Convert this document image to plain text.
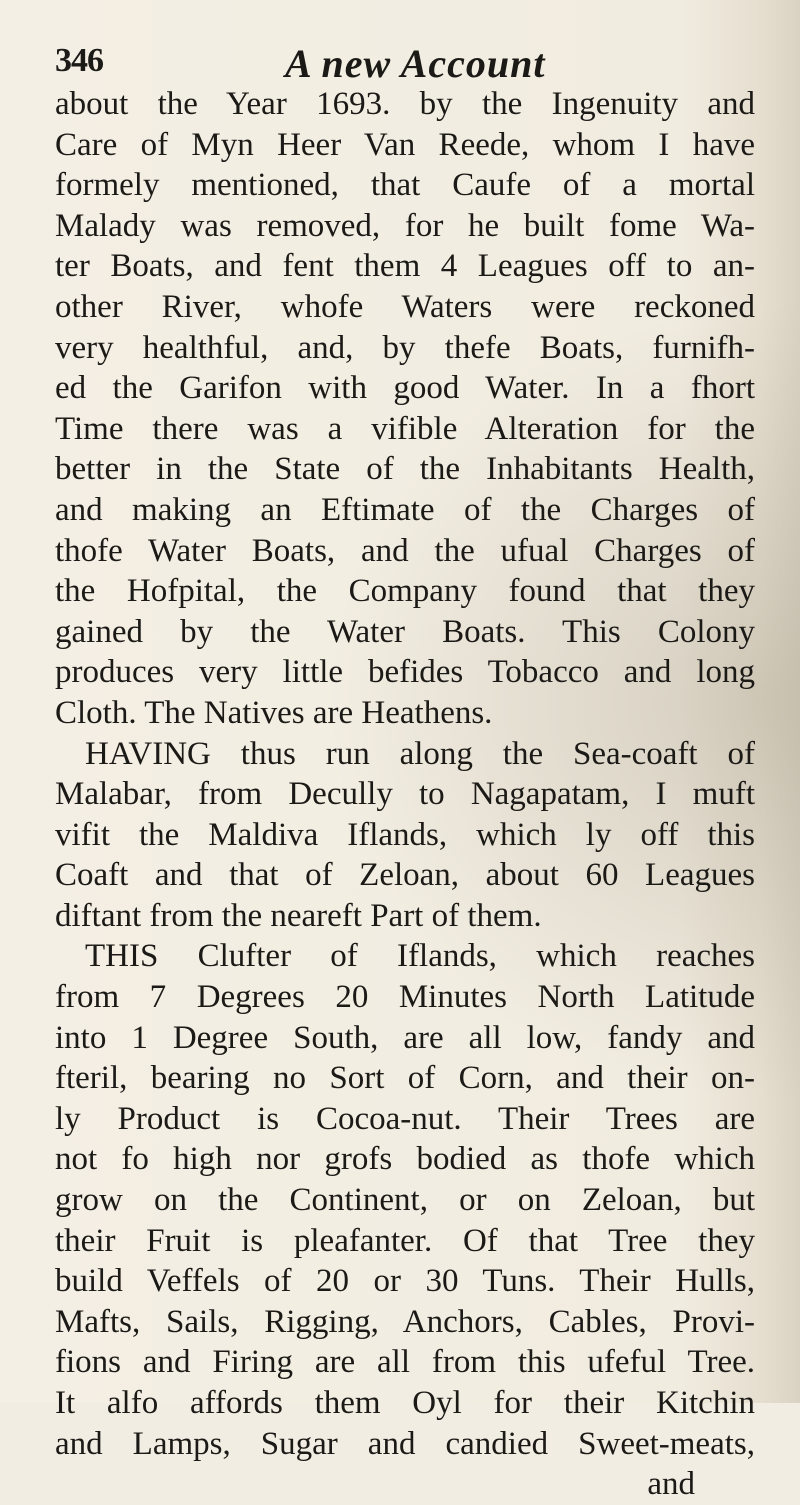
346	A new Account
about the Year 1693. by the Ingenuity and
Care of Myn Heer Van Reede, whom I have
formely mentioned, that Caufe of a mortal
Malady was removed, for he built fome Wa-
ter Boats, and fent them 4 Leagues off to an-
other River, whofe Waters were reckoned
very healthful, and, by thefe Boats, furnifh-
ed the Garifon with good Water. In a fhort
Time there was a vifible Alteration for the
better in the State of the Inhabitants Health,
and making an Eftimate of the Charges of
thofe Water Boats, and the ufual Charges of
the Hofpital, the Company found that they
gained by the Water Boats. This Colony
produces very little befides Tobacco and long
Cloth. The Natives are Heathens.
HAVING thus run along the Sea-coaft of
Malabar, from Decully to Nagapatam, I muft
vifit the Maldiva Iflands, which ly off this
Coaft and that of Zeloan, about 60 Leagues
diftant from the neareft Part of them.
THIS Clufter of Iflands, which reaches
from 7 Degrees 20 Minutes North Latitude
into 1 Degree South, are all low, fandy and
fteril, bearing no Sort of Corn, and their on-
ly Product is Cocoa-nut. Their Trees are
not fo high nor grofs bodied as thofe which
grow on the Continent, or on Zeloan, but
their Fruit is pleafanter. Of that Tree they
build Veffels of 20 or 30 Tuns. Their Hulls,
Mafts, Sails, Rigging, Anchors, Cables, Provi-
fions and Firing are all from this ufeful Tree.
It alfo affords them Oyl for their Kitchin
and Lamps, Sugar and candied Sweet-meats,
and
